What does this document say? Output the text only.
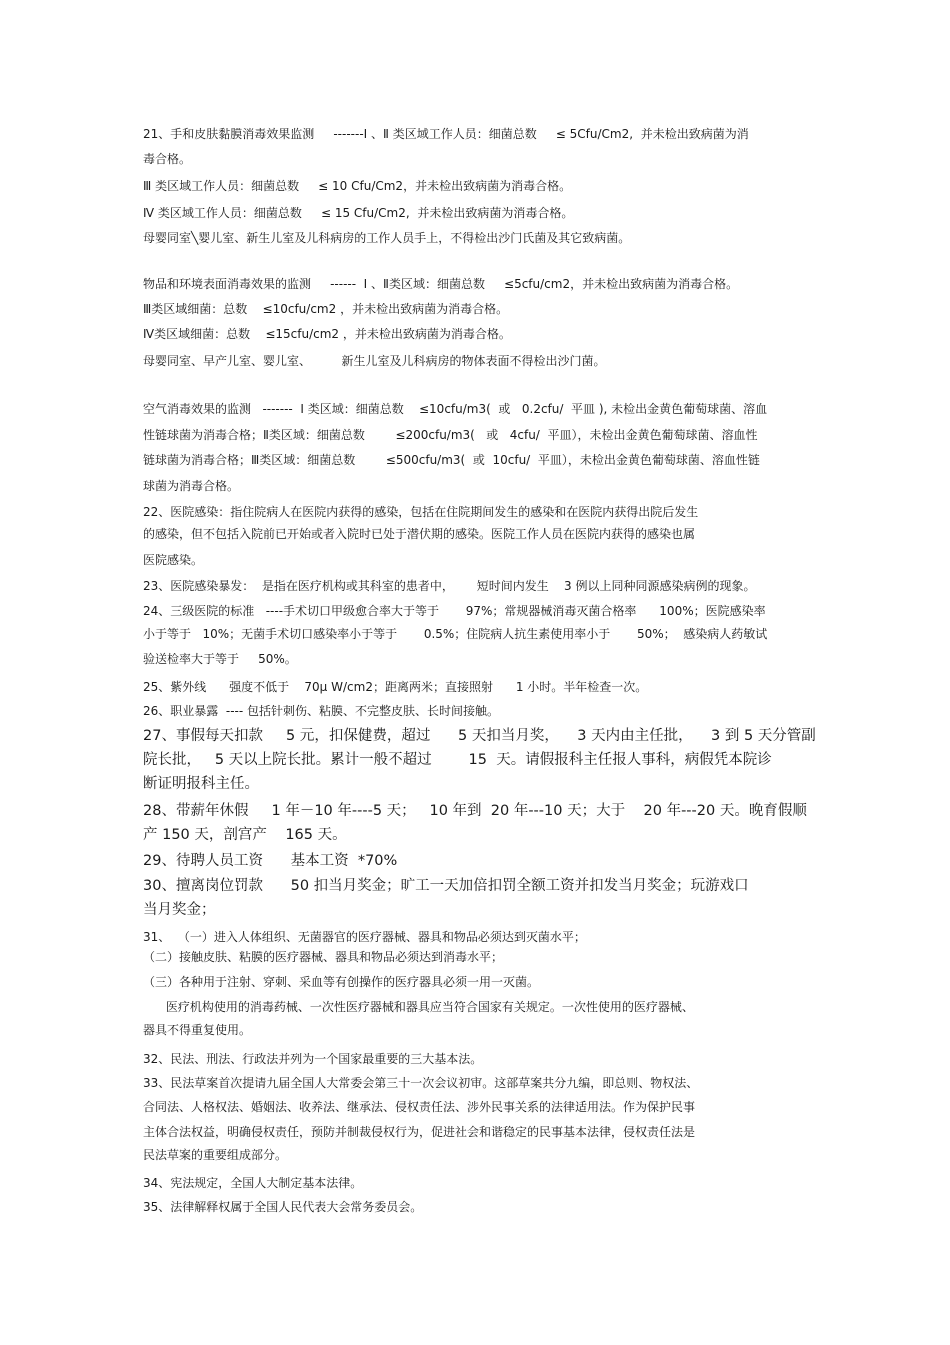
21、手和皮肤黏膜消毒效果监测     -------Ⅰ 、Ⅱ 类区域工作人员：细菌总数     ≤ 5Cfu/Cm2,  并未检出致病菌为消
毒合格。
Ⅲ 类区域工作人员：细菌总数     ≤ 10 Cfu/Cm2，并未检出致病菌为消毒合格。
Ⅳ 类区域工作人员：细菌总数     ≤ 15 Cfu/Cm2,  并未检出致病菌为消毒合格。
母婴同室╲婴儿室、新生儿室及儿科病房的工作人员手上，不得检出沙门氏菌及其它致病菌。
物品和环境表面消毒效果的监测     ------  Ⅰ 、Ⅱ类区域：细菌总数     ≤5cfu/cm2，并未检出致病菌为消毒合格。
Ⅲ类区域细菌：总数    ≤10cfu/cm2 ，并未检出致病菌为消毒合格。
Ⅳ类区域细菌：总数    ≤15cfu/cm2 ，并未检出致病菌为消毒合格。
母婴同室、早产儿室、婴儿室、        新生儿室及儿科病房的物体表面不得检出沙门菌。
空气消毒效果的监测   -------  Ⅰ 类区域：细菌总数    ≤10cfu/m3(  或   0.2cfu/  平皿 ), 未检出金黄色葡萄球菌、溶血
性链球菌为消毒合格；Ⅱ类区域：细菌总数        ≤200cfu/m3(   或   4cfu/  平皿），未检出金黄色葡萄球菌、溶血性
链球菌为消毒合格；Ⅲ类区域：细菌总数        ≤500cfu/m3(  或  10cfu/  平皿），未检出金黄色葡萄球菌、溶血性链
球菌为消毒合格。
22、医院感染：指住院病人在医院内获得的感染，包括在住院期间发生的感染和在医院内获得出院后发生
的感染，但不包括入院前已开始或者入院时已处于潜伏期的感染。医院工作人员在医院内获得的感染也属
医院感染。
23、医院感染暴发：  是指在医疗机构或其科室的患者中，      短时间内发生    3 例以上同种同源感染病例的现象。
24、三级医院的标准   ----手术切口甲级愈合率大于等于       97%；常规器械消毒灭菌合格率      100%；医院感染率
小于等于   10%；无菌手术切口感染率小于等于       0.5%；住院病人抗生素使用率小于       50%；  感染病人药敏试
验送检率大于等于     50%。
25、紫外线      强度不低于    70μ W/cm2；距离两米；直接照射      1 小时。半年检查一次。
26、职业暴露  ---- 包括针刺伤、粘膜、不完整皮肤、长时间接触。
27、事假每天扣款     5 元，扣保健费，超过      5 天扣当月奖，    3 天内由主任批，    3 到 5 天分管副
院长批，   5 天以上院长批。累计一般不超过        15  天。请假报科主任报人事科，病假凭本院诊
断证明报科主任。
28、带薪年休假     1 年－10 年----5 天；   10 年到  20 年---10 天；大于    20 年---20 天。晚育假顺
产 150 天，剖宫产    165 天。
29、待聘人员工资      基本工资  *70%
30、擅离岗位罚款      50 扣当月奖金；旷工一天加倍扣罚全额工资并扣发当月奖金；玩游戏口
当月奖金；
31、  （一）进入人体组织、无菌器官的医疗器械、器具和物品必须达到灭菌水平；
（二）接触皮肤、粘膜的医疗器械、器具和物品必须达到消毒水平；
（三）各种用于注射、穿刺、采血等有创操作的医疗器具必须一用一灭菌。
医疗机构使用的消毒药械、一次性医疗器械和器具应当符合国家有关规定。一次性使用的医疗器械、
器具不得重复使用。
32、民法、刑法、行政法并列为一个国家最重要的三大基本法。
33、民法草案首次提请九届全国人大常委会第三十一次会议初审。这部草案共分九编，即总则、物权法、
合同法、人格权法、婚姻法、收养法、继承法、侵权责任法、涉外民事关系的法律适用法。作为保护民事
主体合法权益，明确侵权责任，预防并制裁侵权行为，促进社会和谐稳定的民事基本法律，侵权责任法是
民法草案的重要组成部分。
34、宪法规定，全国人大制定基本法律。
35、法律解释权属于全国人民代表大会常务委员会。
